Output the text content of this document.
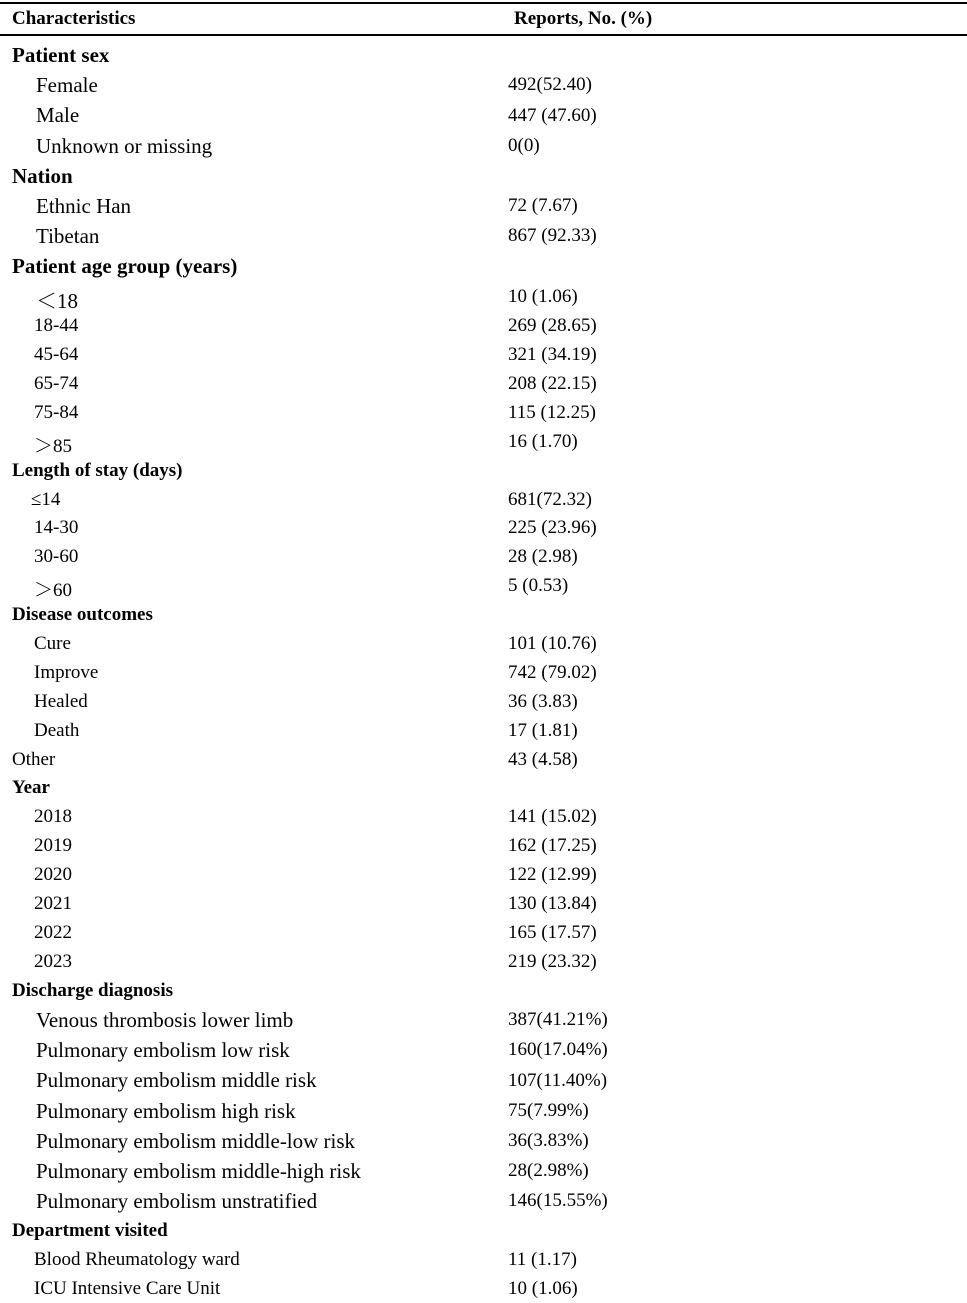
Characteristics	Reports, No. (%)
Patient sex
Female	492(52.40)
Male	447 (47.60)
Unknown or missing	0(0)
Nation
Ethnic Han	72 (7.67)
Tibetan	867 (92.33)
Patient age group (years)
＜18	10 (1.06)
18-44	269 (28.65)
45-64	321 (34.19)
65-74	208 (22.15)
75-84	115 (12.25)
＞85	16 (1.70)
Length of stay (days)
≤14	681(72.32)
14-30	225 (23.96)
30-60	28 (2.98)
＞60	5 (0.53)
Disease outcomes
Cure	101 (10.76)
Improve	742 (79.02)
Healed	36 (3.83)
Death	17 (1.81)
Other	43 (4.58)
Year
2018	141 (15.02)
2019	162 (17.25)
2020	122 (12.99)
2021	130 (13.84)
2022	165 (17.57)
2023	219 (23.32)
Discharge diagnosis
Venous thrombosis lower limb	387(41.21%)
Pulmonary embolism low risk	160(17.04%)
Pulmonary embolism middle risk	107(11.40%)
Pulmonary embolism high risk	75(7.99%)
Pulmonary embolism middle-low risk	36(3.83%)
Pulmonary embolism middle-high risk	28(2.98%)
Pulmonary embolism unstratified	146(15.55%)
Department visited
Blood Rheumatology ward	11 (1.17)
ICU Intensive Care Unit	10 (1.06)
